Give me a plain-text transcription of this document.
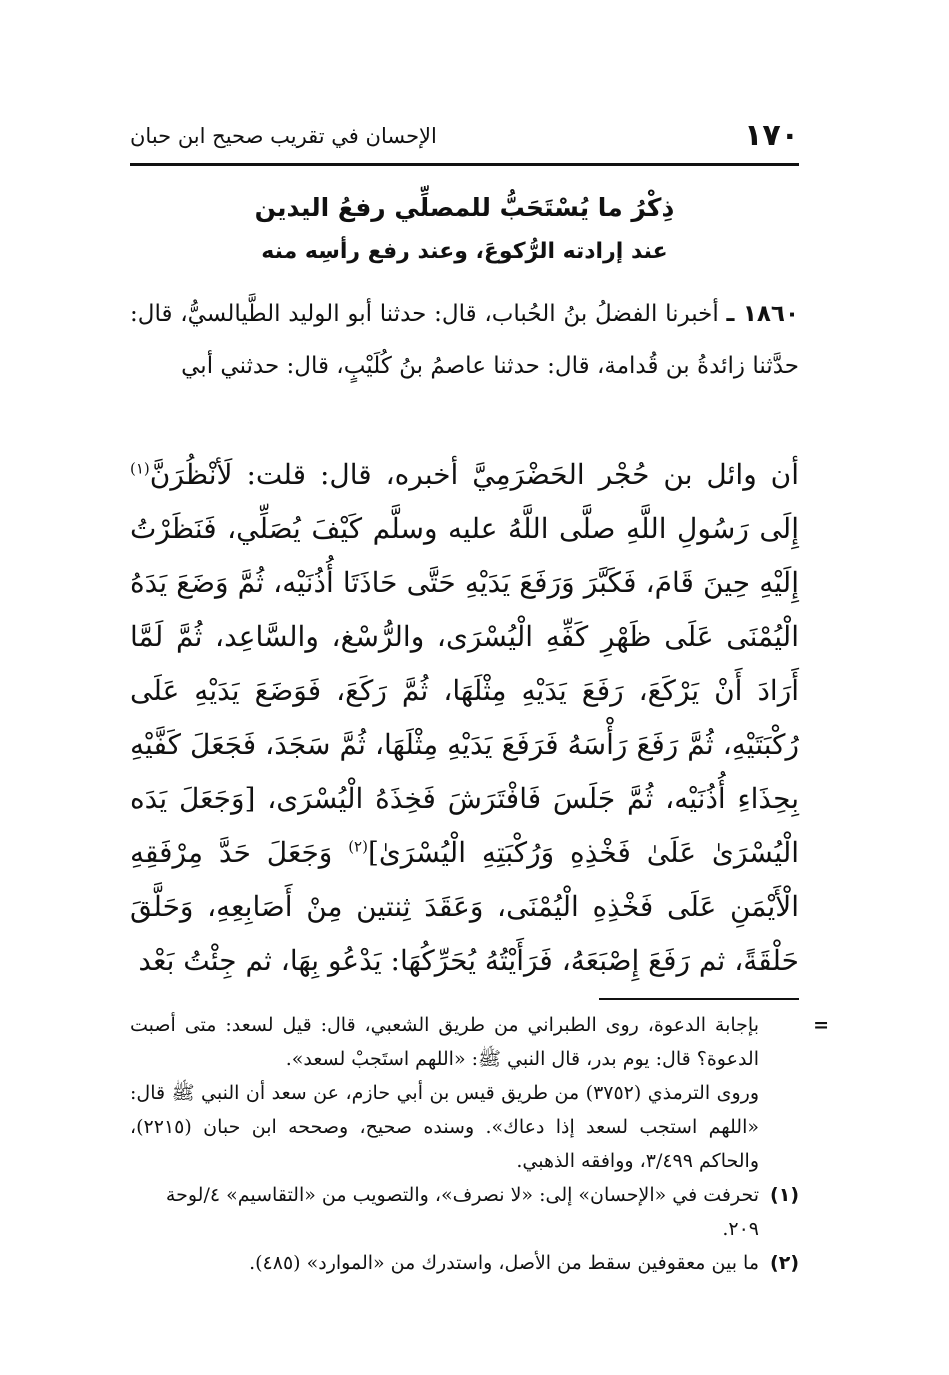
١٧٠
الإحسان في تقريب صحيح ابن حبان
ذِكْرُ ما يُسْتَحَبُّ للمصلِّي رفعُ اليدين
عند إرادته الرُّكوعَ، وعند رفع رأسِه منه
١٨٦٠ ـ أخبرنا الفضلُ بنُ الحُباب، قال: حدثنا أبو الوليد الطَّيالسيُّ، قال: حدَّثنا زائدةُ بن قُدامة، قال: حدثنا عاصمُ بنُ كُلَيْبٍ، قال: حدثني أبي
أن وائل بن حُجْر الحَضْرَمِيَّ أخبره، قال: قلت: لَأنْظُرَنَّ$^{(١)}$ إِلَى رَسُولِ اللَّهِ صلَّى اللَّهُ عليه وسلَّم كَيْفَ يُصَلِّي، فَنَظَرْتُ إِلَيْهِ حِينَ قَامَ، فَكَبَّرَ وَرَفَعَ يَدَيْهِ حَتَّى حَاذَتَا أُذُنَيْه، ثُمَّ وَضَعَ يَدَهُ الْيُمْنَى عَلَى ظَهْرِ كَفِّهِ الْيُسْرَى، والرُّسْغ، والسَّاعِد، ثُمَّ لَمَّا أَرَادَ أَنْ يَرْكَعَ، رَفَعَ يَدَيْهِ مِثْلَهَا، ثُمَّ رَكَعَ، فَوَضَعَ يَدَيْهِ عَلَى رُكْبَتَيْهِ، ثُمَّ رَفَعَ رَأْسَهُ فَرَفَعَ يَدَيْهِ مِثْلَهَا، ثُمَّ سَجَدَ، فَجَعَلَ كَفَّيْهِ بِحِذَاءِ أُذُنَيْه، ثُمَّ جَلَسَ فَافْتَرَشَ فَخِذَهُ الْيُسْرَى، [وَجَعَلَ يَدَه الْيُسْرَىٰ عَلَىٰ فَخْذِهِ وَرُكْبَتِهِ الْيُسْرَىٰ]$^{(٢)}$ وَجَعَلَ حَدَّ مِرْفَقِهِ الْأَيْمَنِ عَلَى فَخْذِهِ الْيُمْنَى، وَعَقَدَ ثِنتين مِنْ أَصَابِعِهِ، وَحَلَّقَ حَلْقَةً، ثم رَفَعَ إِصْبَعَهُ، فَرَأَيْتُهُ يُحَرِّكُهَا: يَدْعُو بِهَا، ثم جِئْتُ بَعْد
=
بإجابة الدعوة، روى الطبراني من طريق الشعبي، قال: قيل لسعد: متى أصبت الدعوة؟ قال: يوم بدر، قال النبي ﷺ: «اللهم استَجبْ لسعد».
وروى الترمذي (٣٧٥٢) من طريق قيس بن أبي حازم، عن سعد أن النبي ﷺ قال: «اللهم استجب لسعد إذا دعاك». وسنده صحيح، وصححه ابن حبان (٢٢١٥)، والحاكم ٣/٤٩٩، ووافقه الذهبي.
(١)
تحرفت في «الإحسان» إلى: «لا نصرف»، والتصويب من «التقاسيم» ٤/لوحة ٢٠٩.
(٢)
ما بين معقوفين سقط من الأصل، واستدرك من «الموارد» (٤٨٥).
